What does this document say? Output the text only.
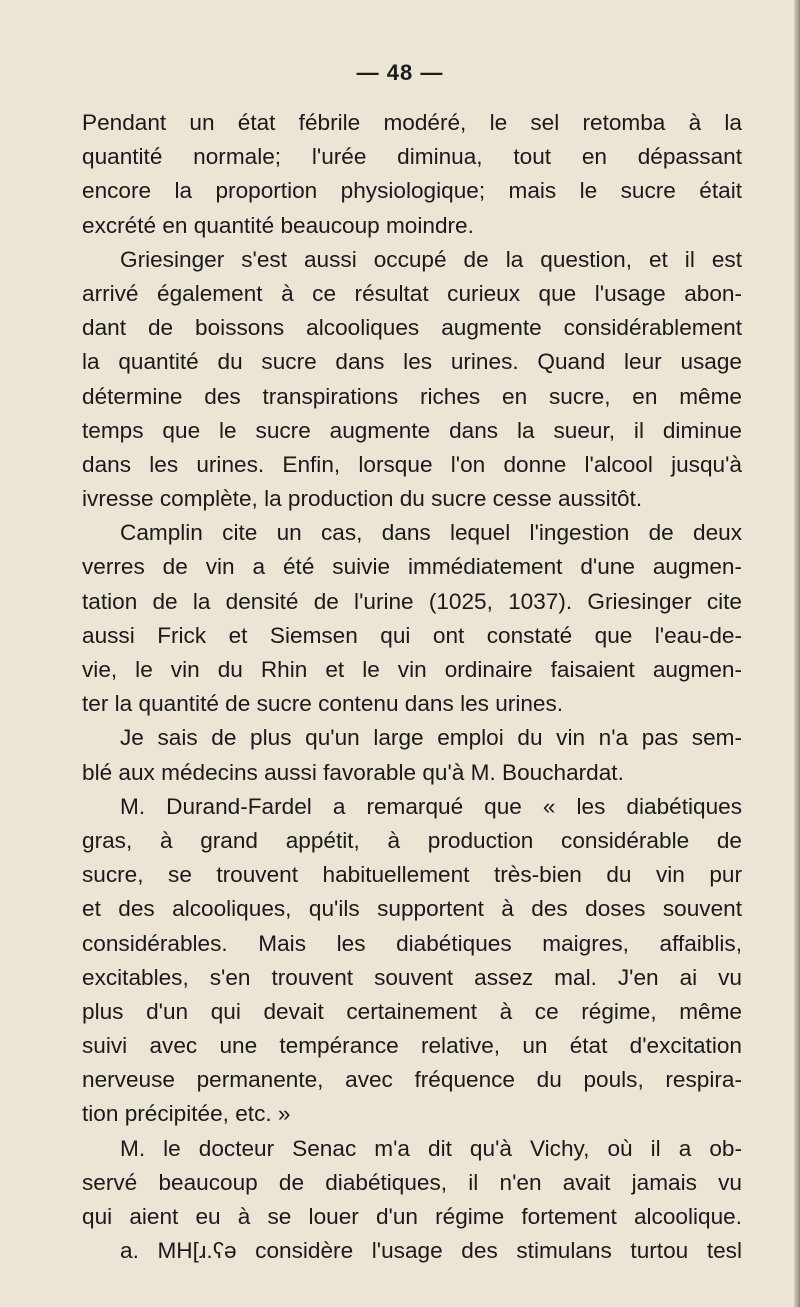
— 48 —
Pendant un état fébrile modéré, le sel retomba à la
quantité normale; l'urée diminua, tout en dépassant
encore la proportion physiologique; mais le sucre était
excrété en quantité beaucoup moindre.
Griesinger s'est aussi occupé de la question, et il est
arrivé également à ce résultat curieux que l'usage abon-
dant de boissons alcooliques augmente considérablement
la quantité du sucre dans les urines. Quand leur usage
détermine des transpirations riches en sucre, en même
temps que le sucre augmente dans la sueur, il diminue
dans les urines. Enfin, lorsque l'on donne l'alcool jusqu'à
ivresse complète, la production du sucre cesse aussitôt.
Camplin cite un cas, dans lequel l'ingestion de deux
verres de vin a été suivie immédiatement d'une augmen-
tation de la densité de l'urine (1025, 1037). Griesinger cite
aussi Frick et Siemsen qui ont constaté que l'eau-de-
vie, le vin du Rhin et le vin ordinaire faisaient augmen-
ter la quantité de sucre contenu dans les urines.
Je sais de plus qu'un large emploi du vin n'a pas sem-
blé aux médecins aussi favorable qu'à M. Bouchardat.
M. Durand-Fardel a remarqué que « les diabétiques
gras, à grand appétit, à production considérable de
sucre, se trouvent habituellement très-bien du vin pur
et des alcooliques, qu'ils supportent à des doses souvent
considérables. Mais les diabétiques maigres, affaiblis,
excitables, s'en trouvent souvent assez mal. J'en ai vu
plus d'un qui devait certainement à ce régime, même
suivi avec une tempérance relative, un état d'excitation
nerveuse permanente, avec fréquence du pouls, respira-
tion précipitée, etc. »
M. le docteur Senac m'a dit qu'à Vichy, où il a ob-
servé beaucoup de diabétiques, il n'en avait jamais vu
qui aient eu à se louer d'un régime fortement alcoolique.
a. MH[ɹ.ʕə considère l'usage des stimulans turtou tesl
